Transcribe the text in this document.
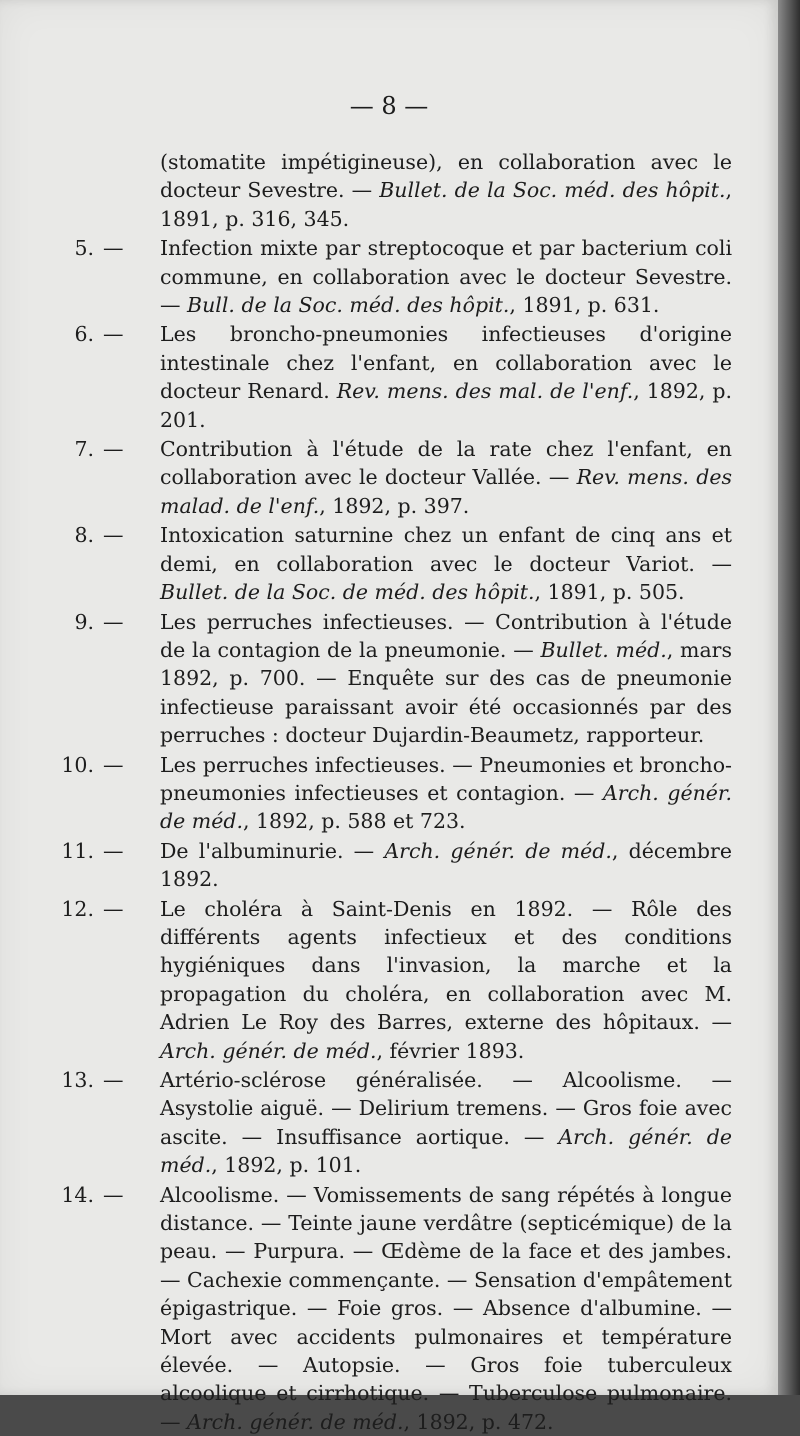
— 8 —
(stomatite impétigineuse), en collaboration avec le docteur Sevestre. — Bullet. de la Soc. méd. des hôpit., 1891, p. 316, 345.
5. — Infection mixte par streptocoque et par bacterium coli commune, en collaboration avec le docteur Sevestre. — Bull. de la Soc. méd. des hôpit., 1891, p. 631.
6. — Les broncho-pneumonies infectieuses d'origine intestinale chez l'enfant, en collaboration avec le docteur Renard. Rev. mens. des mal. de l'enf., 1892, p. 201.
7. — Contribution à l'étude de la rate chez l'enfant, en collaboration avec le docteur Vallée. — Rev. mens. des malad. de l'enf., 1892, p. 397.
8. — Intoxication saturnine chez un enfant de cinq ans et demi, en collaboration avec le docteur Variot. — Bullet. de la Soc. de méd. des hôpit., 1891, p. 505.
9. — Les perruches infectieuses. — Contribution à l'étude de la contagion de la pneumonie. — Bullet. méd., mars 1892, p. 700. — Enquête sur des cas de pneumonie infectieuse paraissant avoir été occasionnés par des perruches : docteur Dujardin-Beaumetz, rapporteur.
10. — Les perruches infectieuses. — Pneumonies et broncho-pneumonies infectieuses et contagion. — Arch. génér. de méd., 1892, p. 588 et 723.
11. — De l'albuminurie. — Arch. génér. de méd., décembre 1892.
12. — Le choléra à Saint-Denis en 1892. — Rôle des différents agents infectieux et des conditions hygiéniques dans l'invasion, la marche et la propagation du choléra, en collaboration avec M. Adrien Le Roy des Barres, externe des hôpitaux. — Arch. génér. de méd., février 1893.
13. — Artério-sclérose généralisée. — Alcoolisme. — Asystolie aiguë. — Delirium tremens. — Gros foie avec ascite. — Insuffisance aortique. — Arch. génér. de méd., 1892, p. 101.
14. — Alcoolisme. — Vomissements de sang répétés à longue distance. — Teinte jaune verdâtre (septicémique) de la peau. — Purpura. — Œdème de la face et des jambes. — Cachexie commençante. — Sensation d'empâtement épigastrique. — Foie gros. — Absence d'albumine. — Mort avec accidents pulmonaires et température élevée. — Autopsie. — Gros foie tuberculeux alcoolique et cirrhotique. — Tuberculose pulmonaire. — Arch. génér. de méd., 1892, p. 472.
